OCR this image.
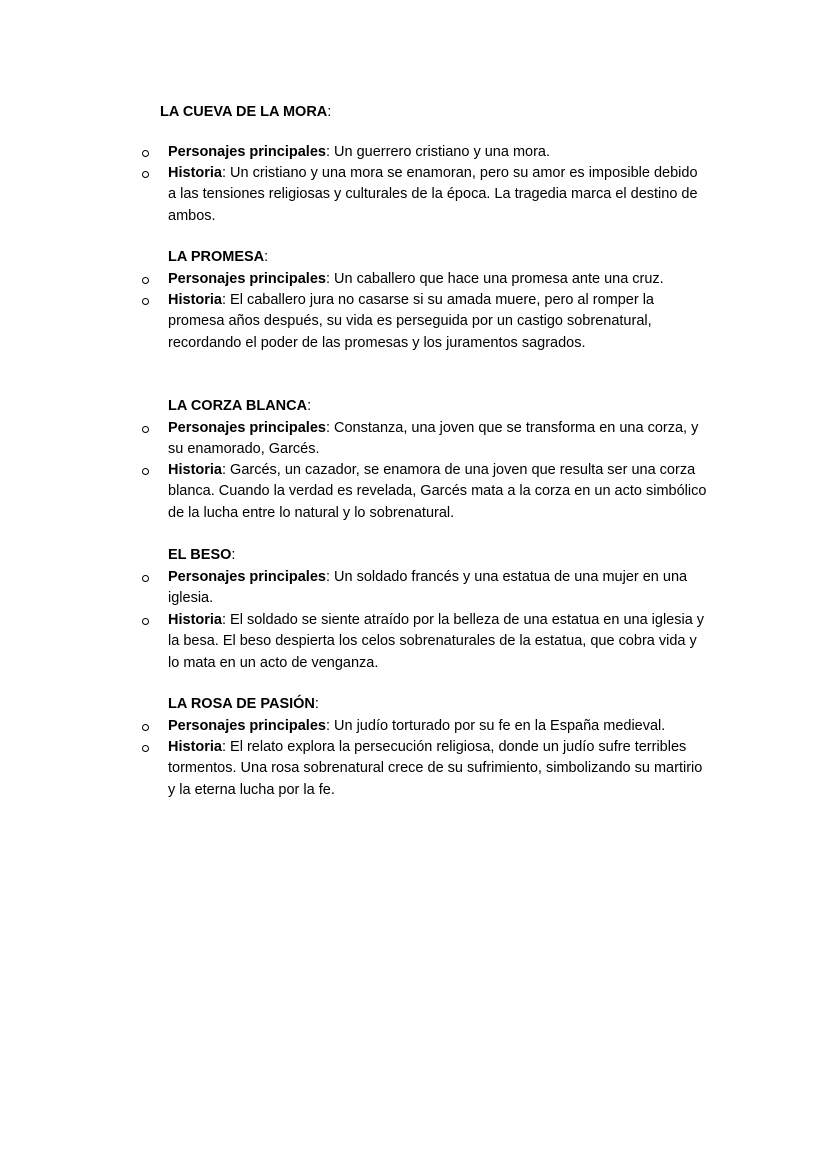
LA CUEVA DE LA MORA:
Personajes principales: Un guerrero cristiano y una mora.
Historia: Un cristiano y una mora se enamoran, pero su amor es imposible debido a las tensiones religiosas y culturales de la época. La tragedia marca el destino de ambos.
LA PROMESA:
Personajes principales: Un caballero que hace una promesa ante una cruz.
Historia: El caballero jura no casarse si su amada muere, pero al romper la promesa años después, su vida es perseguida por un castigo sobrenatural, recordando el poder de las promesas y los juramentos sagrados.
LA CORZA BLANCA:
Personajes principales: Constanza, una joven que se transforma en una corza, y su enamorado, Garcés.
Historia: Garcés, un cazador, se enamora de una joven que resulta ser una corza blanca. Cuando la verdad es revelada, Garcés mata a la corza en un acto simbólico de la lucha entre lo natural y lo sobrenatural.
EL BESO:
Personajes principales: Un soldado francés y una estatua de una mujer en una iglesia.
Historia: El soldado se siente atraído por la belleza de una estatua en una iglesia y la besa. El beso despierta los celos sobrenaturales de la estatua, que cobra vida y lo mata en un acto de venganza.
LA ROSA DE PASIÓN:
Personajes principales: Un judío torturado por su fe en la España medieval.
Historia: El relato explora la persecución religiosa, donde un judío sufre terribles tormentos. Una rosa sobrenatural crece de su sufrimiento, simbolizando su martirio y la eterna lucha por la fe.
